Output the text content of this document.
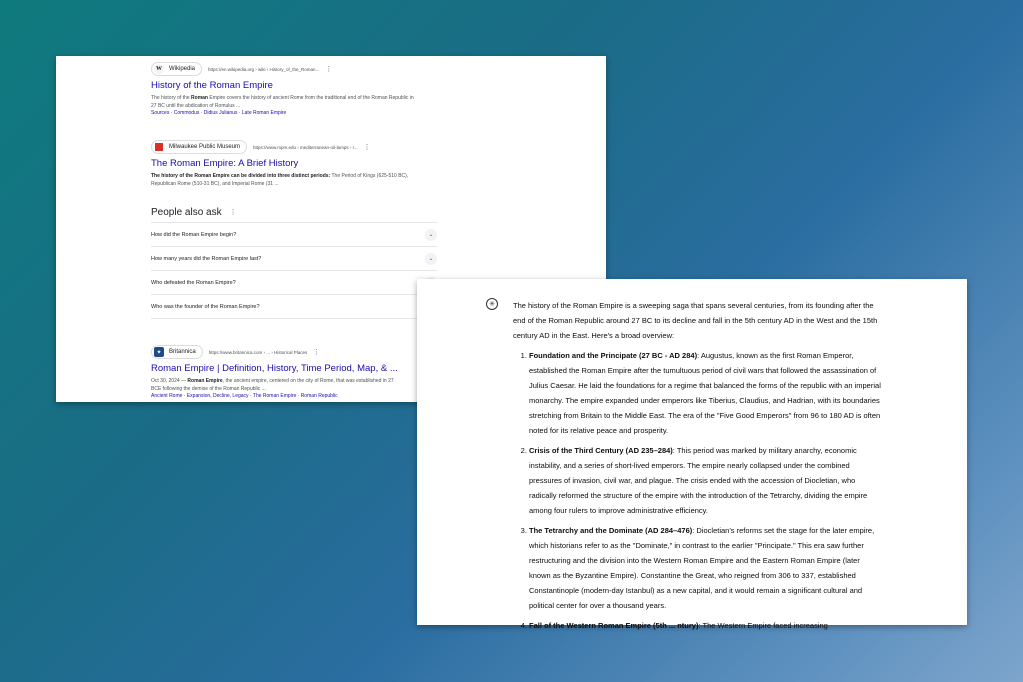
W	Wikipedia	https://en.wikipedia.org › wiki › History_of_the_Roman... ⋮
History of the Roman Empire
The history of the Roman Empire covers the history of ancient Rome from the traditional end of the Roman Republic in 27 BC until the abdication of Romulus ...
Sources · Commodus · Didius Julianus · Late Roman Empire
Milwaukee Public Museum	https://www.mpm.edu › mediterranean-oil-lamps › r... ⋮
The Roman Empire: A Brief History
The history of the Roman Empire can be divided into three distinct periods: The Period of Kings (625-510 BC), Republican Rome (510-31 BC), and Imperial Rome (31 ...
People also ask ⋮
How did the Roman Empire begin?	⌄
How many years did the Roman Empire last?	⌄
Who defeated the Roman Empire?
Who was the founder of the Roman Empire?
✦	Britannica	https://www.britannica.com › ... › Historical Places ⋮
Roman Empire | Definition, History, Time Period, Map, & ...
Oct 30, 2024 — Roman Empire, the ancient empire, centered on the city of Rome, that was established in 27 BCE following the demise of the Roman Republic ...
Ancient Rome · Expansion, Decline, Legacy · The Roman Empire · Roman Republic
✳	The history of the Roman Empire is a sweeping saga that spans several centuries, from its founding after the end of the Roman Republic around 27 BC to its decline and fall in the 5th century AD in the West and the 15th century AD in the East. Here's a broad overview:

1. Foundation and the Principate (27 BC - AD 284): Augustus, known as the first Roman Emperor, established the Roman Empire after the tumultuous period of civil wars that followed the assassination of Julius Caesar. He laid the foundations for a regime that balanced the forms of the republic with an imperial monarchy. The empire expanded under emperors like Tiberius, Claudius, and Hadrian, with its boundaries stretching from Britain to the Middle East. The era of the "Five Good Emperors" from 96 to 180 AD is often noted for its relative peace and prosperity.
2. Crisis of the Third Century (AD 235–284): This period was marked by military anarchy, economic instability, and a series of short-lived emperors. The empire nearly collapsed under the combined pressures of invasion, civil war, and plague. The crisis ended with the accession of Diocletian, who radically reformed the structure of the empire with the introduction of the Tetrarchy, dividing the empire among four rulers to improve administrative efficiency.
3. The Tetrarchy and the Dominate (AD 284–476): Diocletian's reforms set the stage for the later empire, which historians refer to as the "Dominate," in contrast to the earlier "Principate." This era saw further restructuring and the division into the Western Roman Empire and the Eastern Roman Empire (later known as the Byzantine Empire). Constantine the Great, who reigned from 306 to 337, established Constantinople (modern-day Istanbul) as a new capital, and it would remain a significant cultural and political center for over a thousand years.
4. Fall of the Western Roman Empire (5th ... ntury): The Western Empire faced increasing
